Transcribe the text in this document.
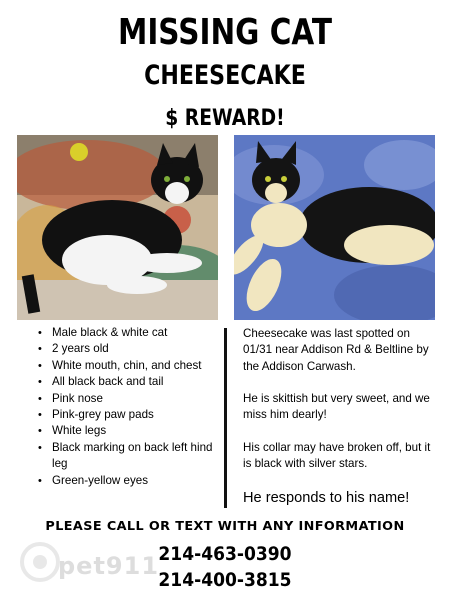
MISSING CAT
CHEESECAKE
$ REWARD!
• Male black & white cat
• 2 years old
• White mouth, chin, and chest
• All black back and tail
• Pink nose
• Pink-grey paw pads
• White legs
• Black marking on back left hind leg
• Green-yellow eyes
Cheesecake was last spotted on 01/31 near Addison Rd & Beltline by the Addison Carwash.
He is skittish but very sweet, and we miss him dearly!
His collar may have broken off, but it is black with silver stars.
He responds to his name!
PLEASE CALL OR TEXT WITH ANY INFORMATION
pet911 214-463-0390
214-400-3815
